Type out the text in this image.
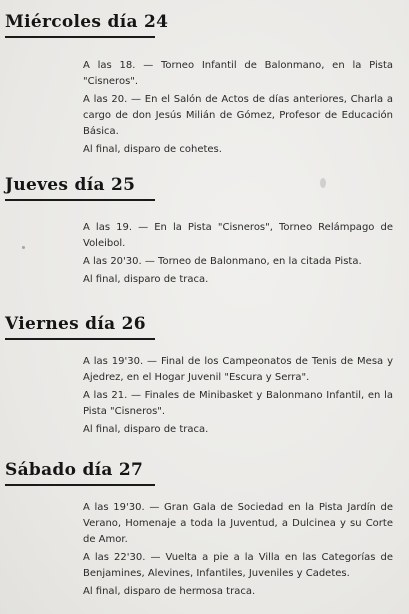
Miércoles día 24

A las 18. — Torneo Infantil de Balonmano, en la Pista "Cisneros".

A las 20. — En el Salón de Actos de días anteriores, Charla a cargo de don Jesús Milián de Gómez, Profesor de Educación Básica.

Al final, disparo de cohetes.

Jueves día 25

A las 19. — En la Pista "Cisneros", Torneo Relámpago de Voleibol.

A las 20'30. — Torneo de Balonmano, en la citada Pista.

Al final, disparo de traca.

Viernes día 26

A las 19'30. — Final de los Campeonatos de Tenis de Mesa y Ajedrez, en el Hogar Juvenil "Escura y Serra".

A las 21. — Finales de Minibasket y Balonmano Infantil, en la Pista "Cisneros".

Al final, disparo de traca.

Sábado día 27

A las 19'30. — Gran Gala de Sociedad en la Pista Jardín de Verano, Homenaje a toda la Juventud, a Dulcinea y su Corte de Amor.

A las 22'30. — Vuelta a pie a la Villa en las Categorías de Benjamines, Alevines, Infantiles, Juveniles y Cadetes.

Al final, disparo de hermosa traca.
